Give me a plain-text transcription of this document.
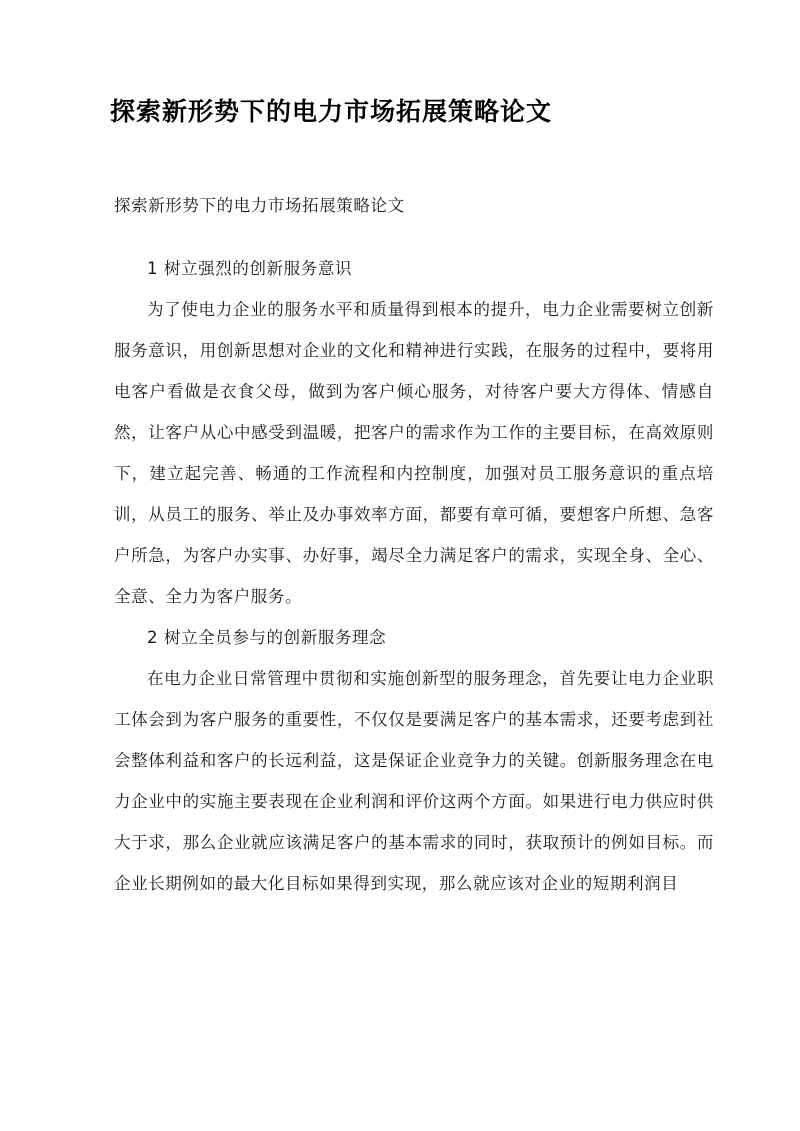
探索新形势下的电力市场拓展策略论文

探索新形势下的电力市场拓展策略论文

1 树立强烈的创新服务意识

为了使电力企业的服务水平和质量得到根本的提升，电力企业需要树立创新服务意识，用创新思想对企业的文化和精神进行实践，在服务的过程中，要将用电客户看做是衣食父母，做到为客户倾心服务，对待客户要大方得体、情感自然，让客户从心中感受到温暖，把客户的需求作为工作的主要目标，在高效原则下，建立起完善、畅通的工作流程和内控制度，加强对员工服务意识的重点培训，从员工的服务、举止及办事效率方面，都要有章可循，要想客户所想、急客户所急，为客户办实事、办好事，竭尽全力满足客户的需求，实现全身、全心、全意、全力为客户服务。

2 树立全员参与的创新服务理念

在电力企业日常管理中贯彻和实施创新型的服务理念，首先要让电力企业职工体会到为客户服务的重要性，不仅仅是要满足客户的基本需求，还要考虑到社会整体利益和客户的长远利益，这是保证企业竞争力的关键。创新服务理念在电力企业中的实施主要表现在企业利润和评价这两个方面。如果进行电力供应时供大于求，那么企业就应该满足客户的基本需求的同时，获取预计的例如目标。而企业长期例如的最大化目标如果得到实现，那么就应该对企业的短期利润目
